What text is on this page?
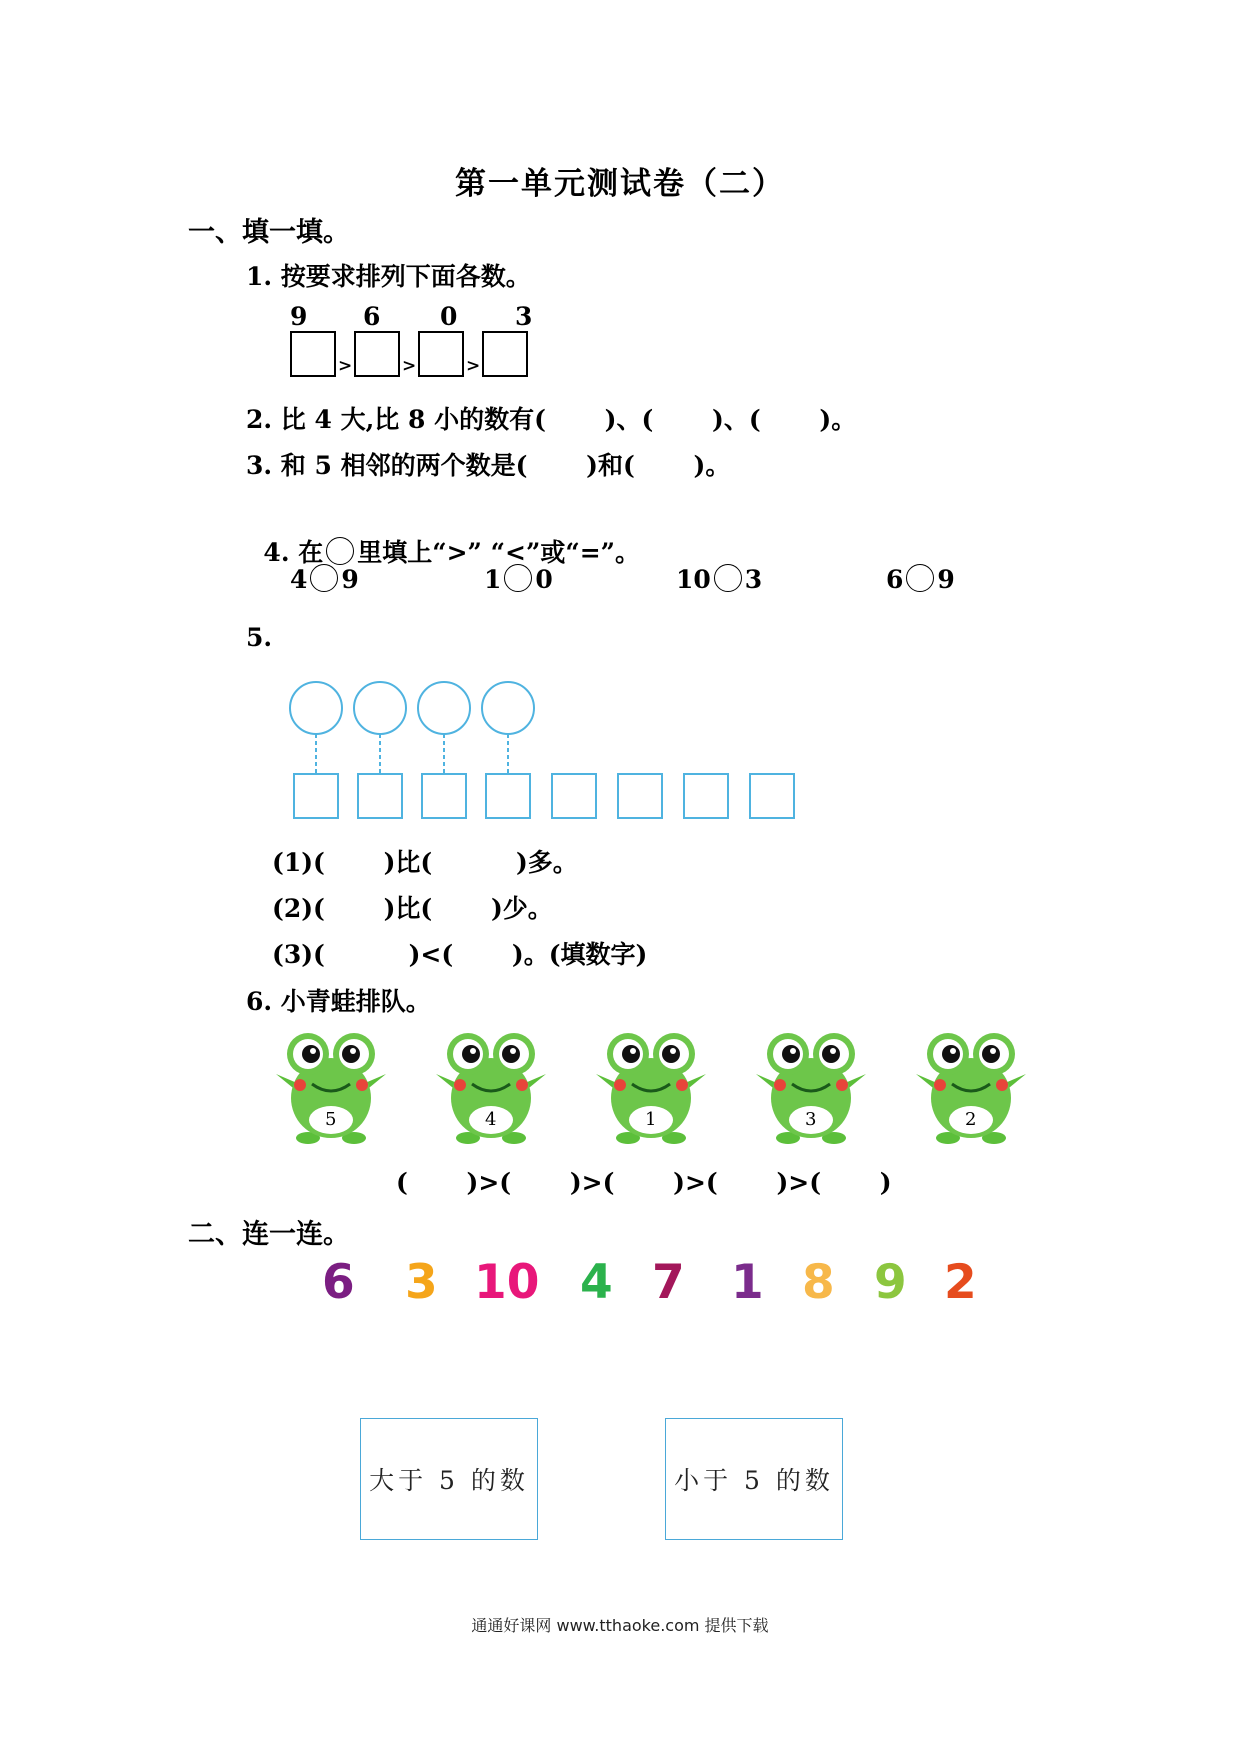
第一单元测试卷（二）
一、填一填。
1. 按要求排列下面各数。
9 6 0 3
>	>	>
2. 比 4 大,比 8 小的数有(　　 )、(　　 )、(　　 )。
3. 和 5 相邻的两个数是(　　 )和(　　 )。

4. 在 里填上“>” “<”或“=”。

4 9	1 0	10 3	6 9
5.
(1)(　　 )比(　　　 )多。
(2)(　　 )比(　　 )少。
(3)(　　　 )<(　　 )。(填数字)
6. 小青蛙排队。
5	4	1	3	2
(　　 )>(　　 )>(　　 )>(　　 )>(　　 )
二、连一连。
6 3 10 4 7 1 8 9 2
大于 5 的数	小于 5 的数
通通好课网 www.tthaoke.com 提供下载
